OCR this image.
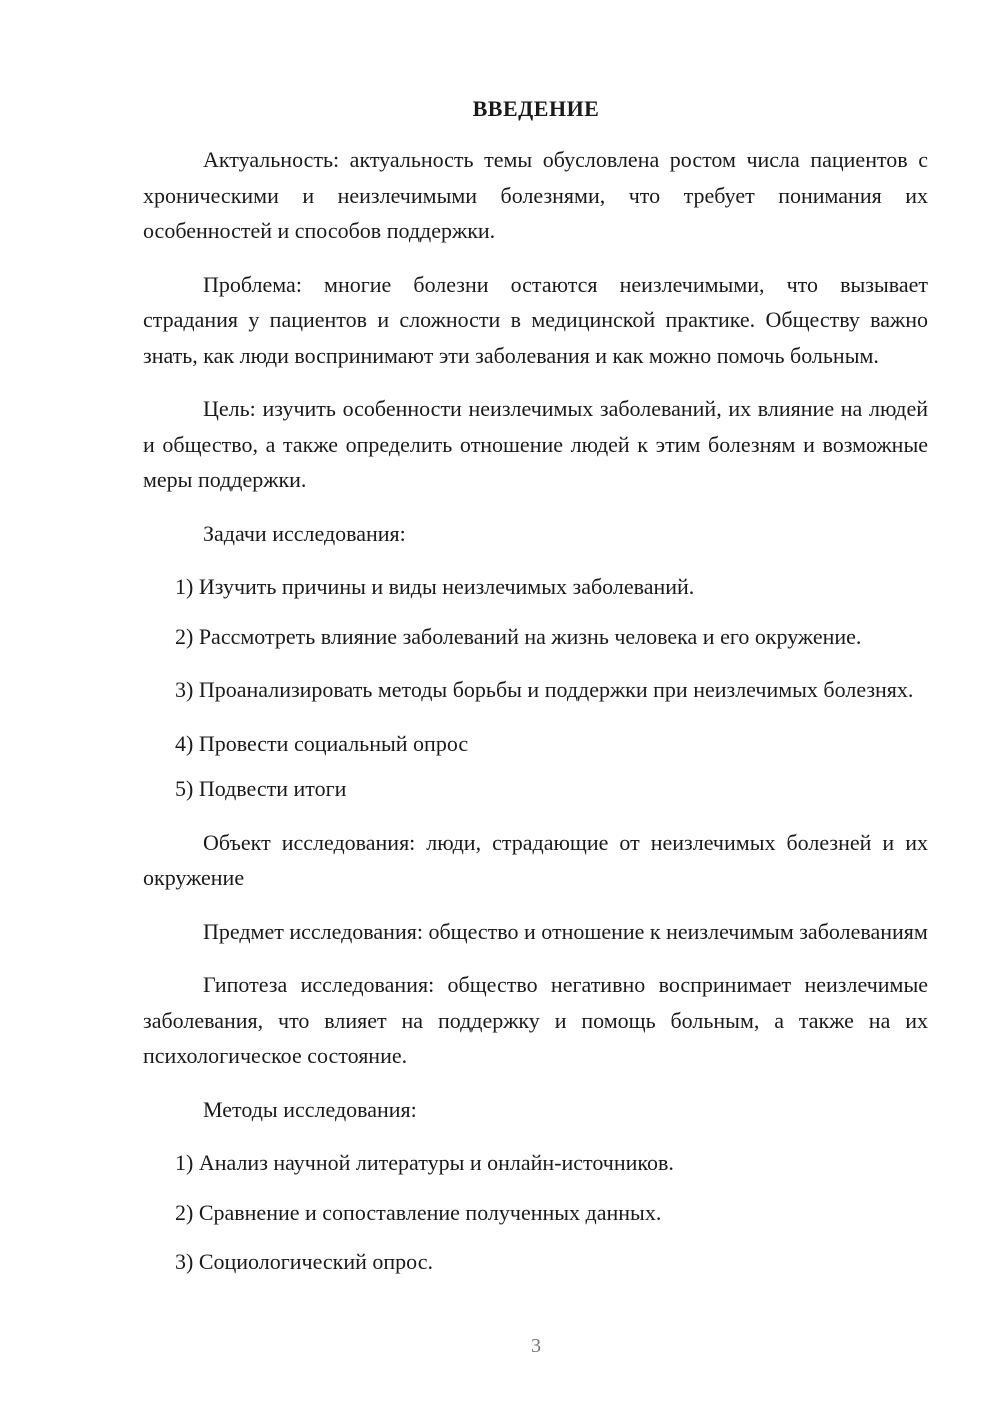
ВВЕДЕНИЕ

Актуальность: актуальность темы обусловлена ростом числа пациентов с хроническими и неизлечимыми болезнями, что требует понимания их особенностей и способов поддержки.

Проблема: многие болезни остаются неизлечимыми, что вызывает страдания у пациентов и сложности в медицинской практике. Обществу важно знать, как люди воспринимают эти заболевания и как можно помочь больным.

Цель: изучить особенности неизлечимых заболеваний, их влияние на людей и общество, а также определить отношение людей к этим болезням и возможные меры поддержки.

Задачи исследования:

1) Изучить причины и виды неизлечимых заболеваний.

2) Рассмотреть влияние заболеваний на жизнь человека и его окружение.

3) Проанализировать методы борьбы и поддержки при неизлечимых болезнях.

4) Провести социальный опрос

5) Подвести итоги

Объект исследования: люди, страдающие от неизлечимых болезней и их окружение

Предмет исследования: общество и отношение к неизлечимым заболеваниям

Гипотеза исследования: общество негативно воспринимает неизлечимые заболевания, что влияет на поддержку и помощь больным, а также на их психологическое состояние.

Методы исследования:

1) Анализ научной литературы и онлайн-источников.

2) Сравнение и сопоставление полученных данных.

3) Социологический опрос.

3
